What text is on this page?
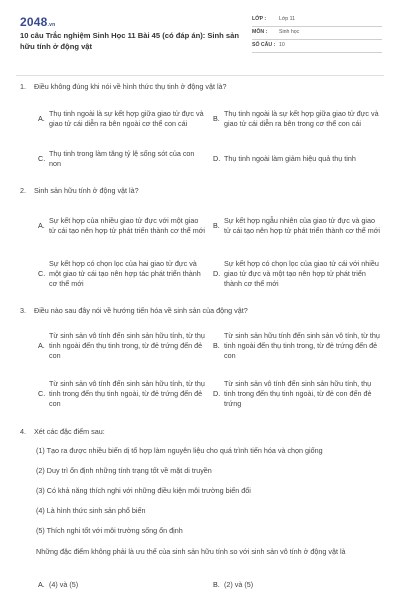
2048.vn
10 câu Trắc nghiệm Sinh Học 11 Bài 45 (có đáp án): Sinh sản hữu tính ở động vật
LỚP :	Lớp 11
MÔN :	Sinh học
SỐ CÂU : 10
1.	Điều không đúng khi nói về hình thức thụ tinh ở động vật là?
A.
Thụ tinh ngoài là sự kết hợp giữa giao tử đực và giao tử cái diễn ra bên ngoài cơ thể con cái
B.
Thụ tinh ngoài là sự kết hợp giữa giao tử đực và giao tử cái diễn ra bên trong cơ thể con cái
C.
Thụ tinh trong làm tăng tỷ lệ sống sót của con non
D. Thụ tinh ngoài làm giảm hiệu quả thụ tinh
2.	Sinh sản hữu tính ở động vật là?
A.
Sự kết hợp của nhiều giao tử đực với một giao tử cái tạo nên hợp tử phát triển thành cơ thể mới
B.
Sự kết hợp ngẫu nhiên của giao tử đực và giao tử cái tạo nên hợp tử phát triển thành cơ thể mới
C.
Sự kết hợp có chọn lọc của hai giao tử đực và một giao tử cái tạo nên hợp tác phát triển thành cơ thể mới
D.
Sự kết hợp có chọn lọc của giao tử cái với nhiều giao tử đực và một tạo nên hợp tử phát triển thành cơ thể mới
3.	Điều nào sau đây nói về hướng tiến hóa về sinh sản của động vật?
A.
Từ sinh sản vô tính đến sinh sản hữu tính, từ thụ tinh ngoài đến thụ tinh trong, từ đẻ trứng đến đẻ con
B.
Từ sinh sản hữu tính đến sinh sản vô tính, từ thụ tinh ngoài đến thụ tinh trong, từ đẻ trứng đến đẻ con
C.
Từ sinh sản vô tính đến sinh sản hữu tính, từ thụ tinh trong đến thụ tinh ngoài, từ đẻ trứng đến đẻ con
D.
Từ sinh sản vô tính đến sinh sản hữu tính, thụ tinh trong đến thụ tinh ngoài, từ đẻ con đến đẻ trứng
4.	Xét các đặc điểm sau:
(1) Tạo ra được nhiều biến dị tổ hợp làm nguyên liệu cho quá trình tiến hóa và chọn giống
(2) Duy trì ổn định những tính trạng tốt về mặt di truyền
(3) Có khả năng thích nghi với những điều kiện môi trường biến đổi
(4) Là hình thức sinh sản phổ biến
(5) Thích nghi tốt với môi trường sống ổn định
Những đặc điểm không phải là ưu thế của sinh sản hữu tính so với sinh sản vô tính ở động vật là
A. (4) và (5)	B. (2) và (5)
